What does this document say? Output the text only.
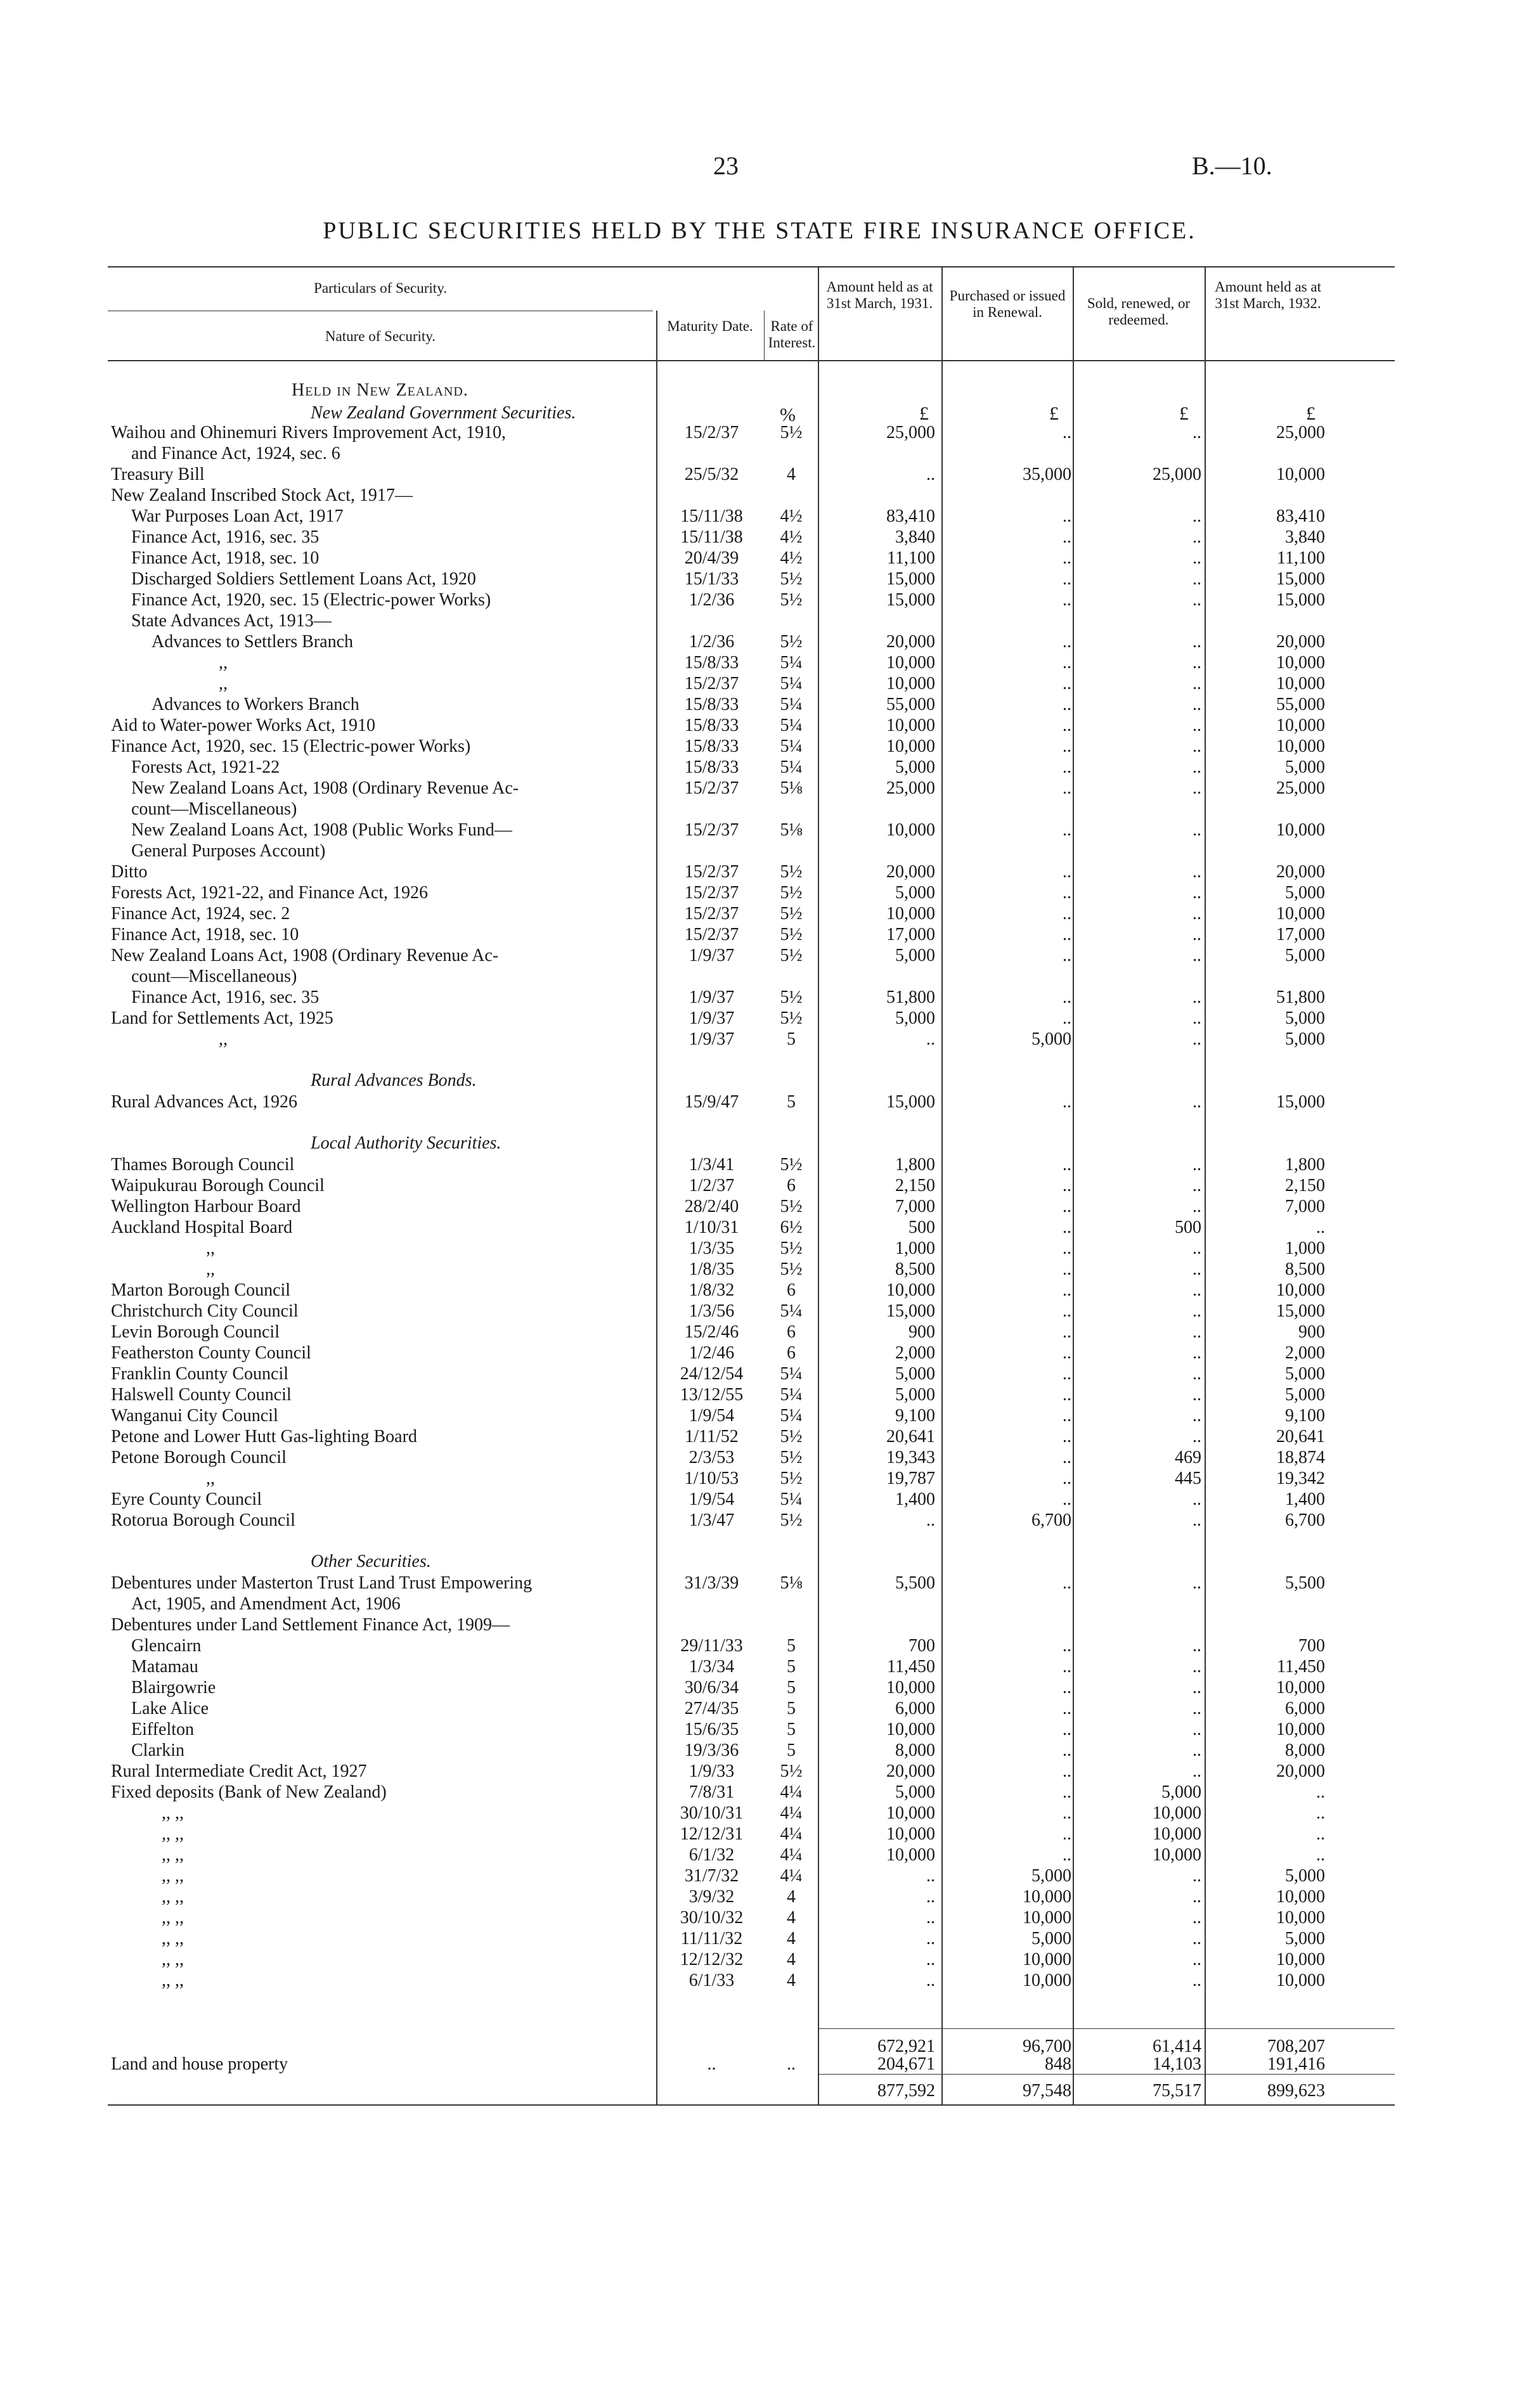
23	B.—10.
PUBLIC SECURITIES HELD BY THE STATE FIRE INSURANCE OFFICE.
Particulars of Security.
Nature of Security.
Maturity Date.	Rate of Interest.
Amount held as at 31st March, 1931.	Purchased or issued in Renewal.
Sold, renewed, or redeemed.
Amount held as at 31st March, 1932.
Held in New Zealand.
%	£	£	£	£
Waihou and Ohinemuri Rivers Improvement Act, 1910,	15/2/37	5½	25,000	..	..	25,000
and Finance Act, 1924, sec. 6
Treasury Bill	25/5/32	4	..	35,000	25,000	10,000
New Zealand Inscribed Stock Act, 1917—
War Purposes Loan Act, 1917	15/11/38	4½	83,410	..	..	83,410
Finance Act, 1916, sec. 35	15/11/38	4½	3,840	..	..	3,840
Finance Act, 1918, sec. 10	20/4/39	4½	11,100	..	..	11,100
Discharged Soldiers Settlement Loans Act, 1920	15/1/33	5½	15,000	..	..	15,000
Finance Act, 1920, sec. 15 (Electric-power Works)	1/2/36	5½	15,000	..	..	15,000
State Advances Act, 1913—
Advances to Settlers Branch	1/2/36	5½	20,000	..	..	20,000
,,	15/8/33	5¼	10,000	..	..	10,000
,,	15/2/37	5¼	10,000	..	..	10,000
Advances to Workers Branch	15/8/33	5¼	55,000	..	..	55,000
Aid to Water-power Works Act, 1910	15/8/33	5¼	10,000	..	..	10,000
Finance Act, 1920, sec. 15 (Electric-power Works)	15/8/33	5¼	10,000	..	..	10,000
Forests Act, 1921-22	15/8/33	5¼	5,000	..	..	5,000
New Zealand Loans Act, 1908 (Ordinary Revenue Ac-	15/2/37	5⅛	25,000	..	..	25,000
count—Miscellaneous)
New Zealand Loans Act, 1908 (Public Works Fund—	15/2/37	5⅛	10,000	..	..	10,000
General Purposes Account)
Ditto	15/2/37	5½	20,000	..	..	20,000
Forests Act, 1921-22, and Finance Act, 1926	15/2/37	5½	5,000	..	..	5,000
Finance Act, 1924, sec. 2	15/2/37	5½	10,000	..	..	10,000
Finance Act, 1918, sec. 10	15/2/37	5½	17,000	..	..	17,000
New Zealand Loans Act, 1908 (Ordinary Revenue Ac-	1/9/37	5½	5,000	..	..	5,000
count—Miscellaneous)
Finance Act, 1916, sec. 35	1/9/37	5½	51,800	..	..	51,800
Land for Settlements Act, 1925	1/9/37	5½	5,000	..	..	5,000
,,	1/9/37	5	..	5,000	..	5,000
Rural Advances Act, 1926	15/9/47	5	15,000	..	..	15,000
Thames Borough Council	1/3/41	5½	1,800	..	..	1,800
Waipukurau Borough Council	1/2/37	6	2,150	..	..	2,150
Wellington Harbour Board	28/2/40	5½	7,000	..	..	7,000
Auckland Hospital Board	1/10/31	6½	500	..	500	..
,,	1/3/35	5½	1,000	..	..	1,000
,,	1/8/35	5½	8,500	..	..	8,500
Marton Borough Council	1/8/32	6	10,000	..	..	10,000
Christchurch City Council	1/3/56	5¼	15,000	..	..	15,000
Levin Borough Council	15/2/46	6	900	..	..	900
Featherston County Council	1/2/46	6	2,000	..	..	2,000
Franklin County Council	24/12/54	5¼	5,000	..	..	5,000
Halswell County Council	13/12/55	5¼	5,000	..	..	5,000
Wanganui City Council	1/9/54	5¼	9,100	..	..	9,100
Petone and Lower Hutt Gas-lighting Board	1/11/52	5½	20,641	..	..	20,641
Petone Borough Council	2/3/53	5½	19,343	..	469	18,874
,,	1/10/53	5½	19,787	..	445	19,342
Eyre County Council	1/9/54	5¼	1,400	..	..	1,400
Rotorua Borough Council	1/3/47	5½	..	6,700	..	6,700
Debentures under Masterton Trust Land Trust Empowering	31/3/39	5⅛	5,500	..	..	5,500
Act, 1905, and Amendment Act, 1906
Debentures under Land Settlement Finance Act, 1909—
Glencairn	29/11/33	5	700	..	..	700
Matamau	1/3/34	5	11,450	..	..	11,450
Blairgowrie	30/6/34	5	10,000	..	..	10,000
Lake Alice	27/4/35	5	6,000	..	..	6,000
Eiffelton	15/6/35	5	10,000	..	..	10,000
Clarkin	19/3/36	5	8,000	..	..	8,000
Rural Intermediate Credit Act, 1927	1/9/33	5½	20,000	..	..	20,000
Fixed deposits (Bank of New Zealand)	7/8/31	4¼	5,000	..	5,000	..
,, ,,	30/10/31	4¼	10,000	..	10,000	..
,, ,,	12/12/31	4¼	10,000	..	10,000	..
,, ,,	6/1/32	4¼	10,000	..	10,000	..
,, ,,	31/7/32	4¼	..	5,000	..	5,000
,, ,,	3/9/32	4	..	10,000	..	10,000
,, ,,	30/10/32	4	..	10,000	..	10,000
,, ,,	11/11/32	4	..	5,000	..	5,000
,, ,,	12/12/32	4	..	10,000	..	10,000
,, ,,	6/1/33	4	..	10,000	..	10,000
672,921	96,700	61,414	708,207
Land and house property	..	..	204,671	848	14,103	191,416
877,592	97,548	75,517	899,623
New Zealand Government Securities.
Rural Advances Bonds.
Local Authority Securities.
Other Securities.
